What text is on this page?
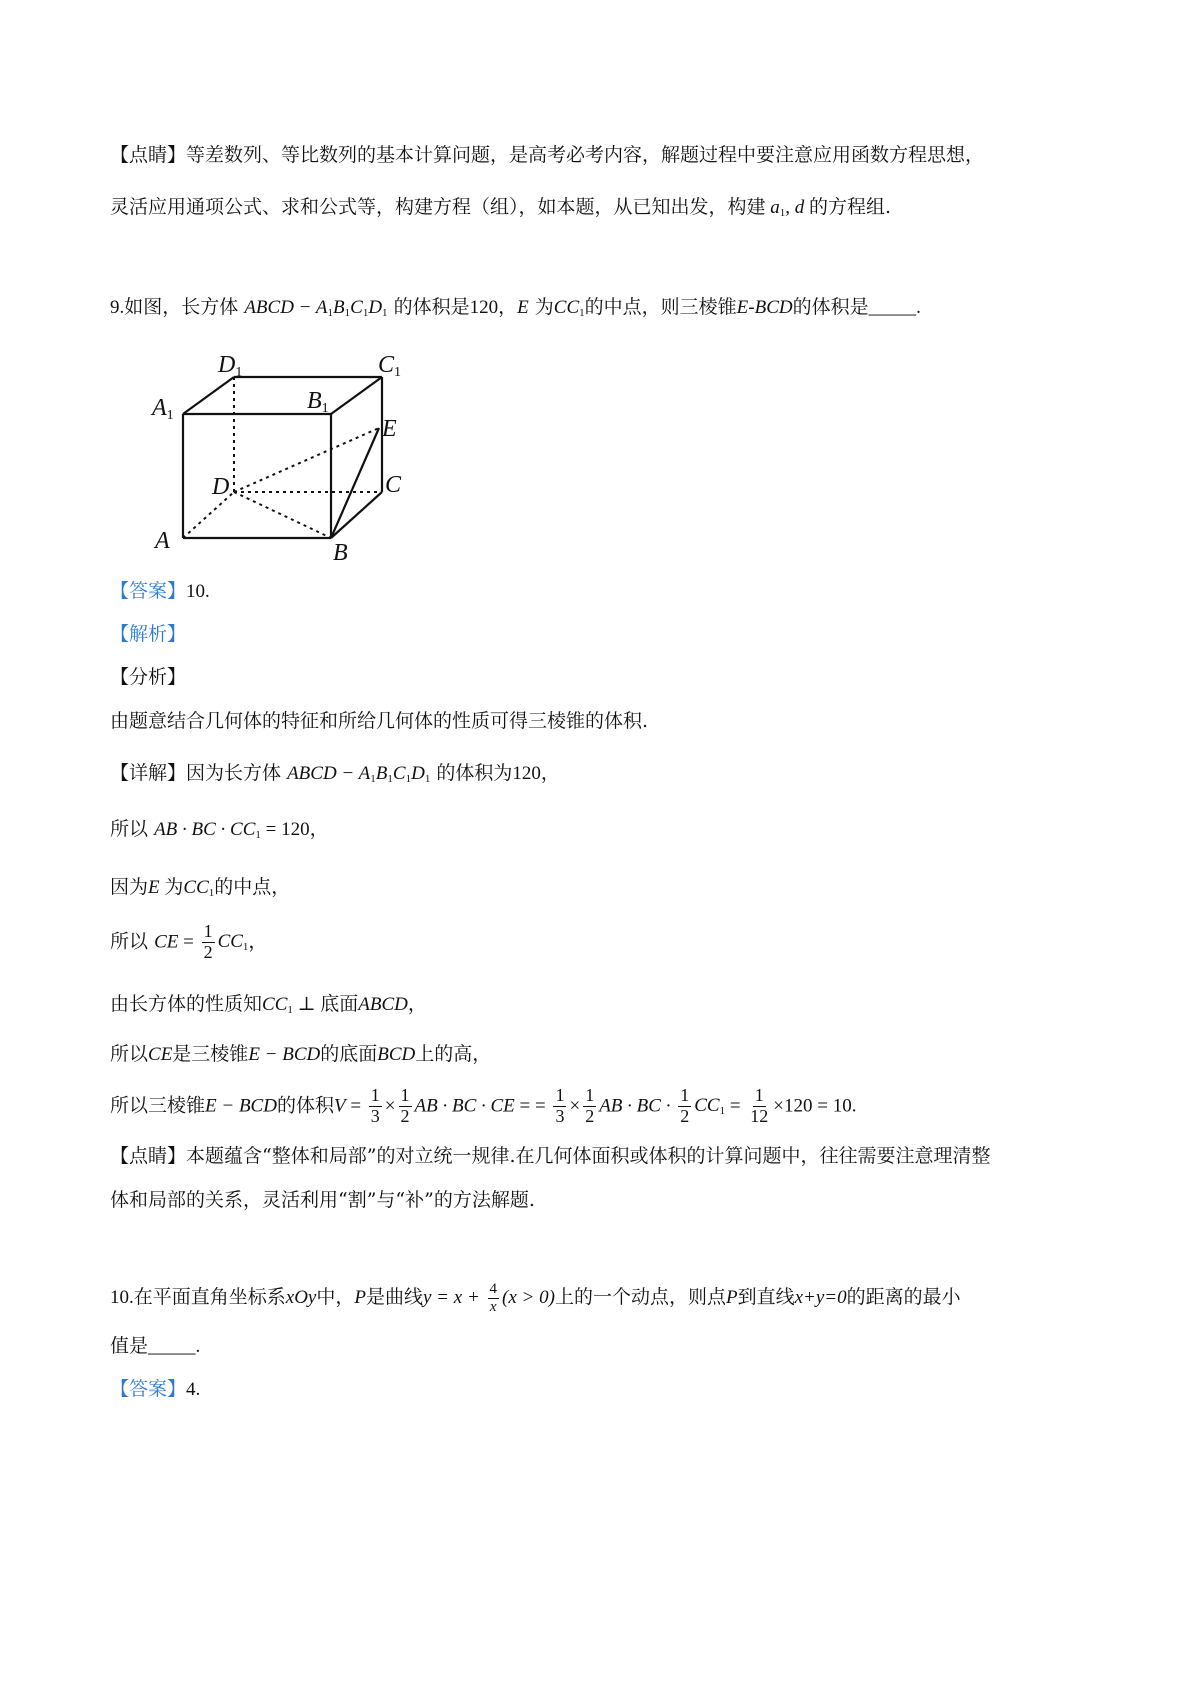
【点睛】等差数列、等比数列的基本计算问题，是高考必考内容，解题过程中要注意应用函数方程思想，
灵活应用通项公式、求和公式等，构建方程（组），如本题，从已知出发，构建 $a_1$, d 的方程组.
9.如图，长方体 ABCD − $A_1B_1C_1D_1$ 的体积是120，E 为$CC_1$的中点，则三棱锥E-BCD的体积是_____.
D1	C1
A1
B1
E
D	C
A	B
【答案】10.
【解析】
【分析】
由题意结合几何体的特征和所给几何体的性质可得三棱锥的体积.
【详解】因为长方体 ABCD − $A_1B_1C_1D_1$ 的体积为120，
所以 AB · BC · $CC_1 = 120$，
因为E 为$CC_1$的中点，
所以 CE = $\frac{1}{2} CC_1$，
由长方体的性质知$CC_1$ ⊥ 底面ABCD，
所以CE是三棱锥E − BCD的底面BCD上的高，
所以三棱锥E − BCD的体积$V = \frac{1}{3} \times \frac{1}{2}$ AB · BC · CE = = $\frac{1}{3} \times \frac{1}{2}$ AB · BC · $\frac{1}{2} CC_1 = \frac{1}{12} \times 120 = 10$.
【点睛】本题蕴含“整体和局部”的对立统一规律.在几何体面积或体积的计算问题中，往往需要注意理清整
体和局部的关系，灵活利用“割”与“补”的方法解题.
10.在平面直角坐标系xOy中，P是曲线$y = x + \frac{4}{x} (x > 0)$上的一个动点，则点P到直线x+y=0的距离的最小
值是_____.
【答案】4.
